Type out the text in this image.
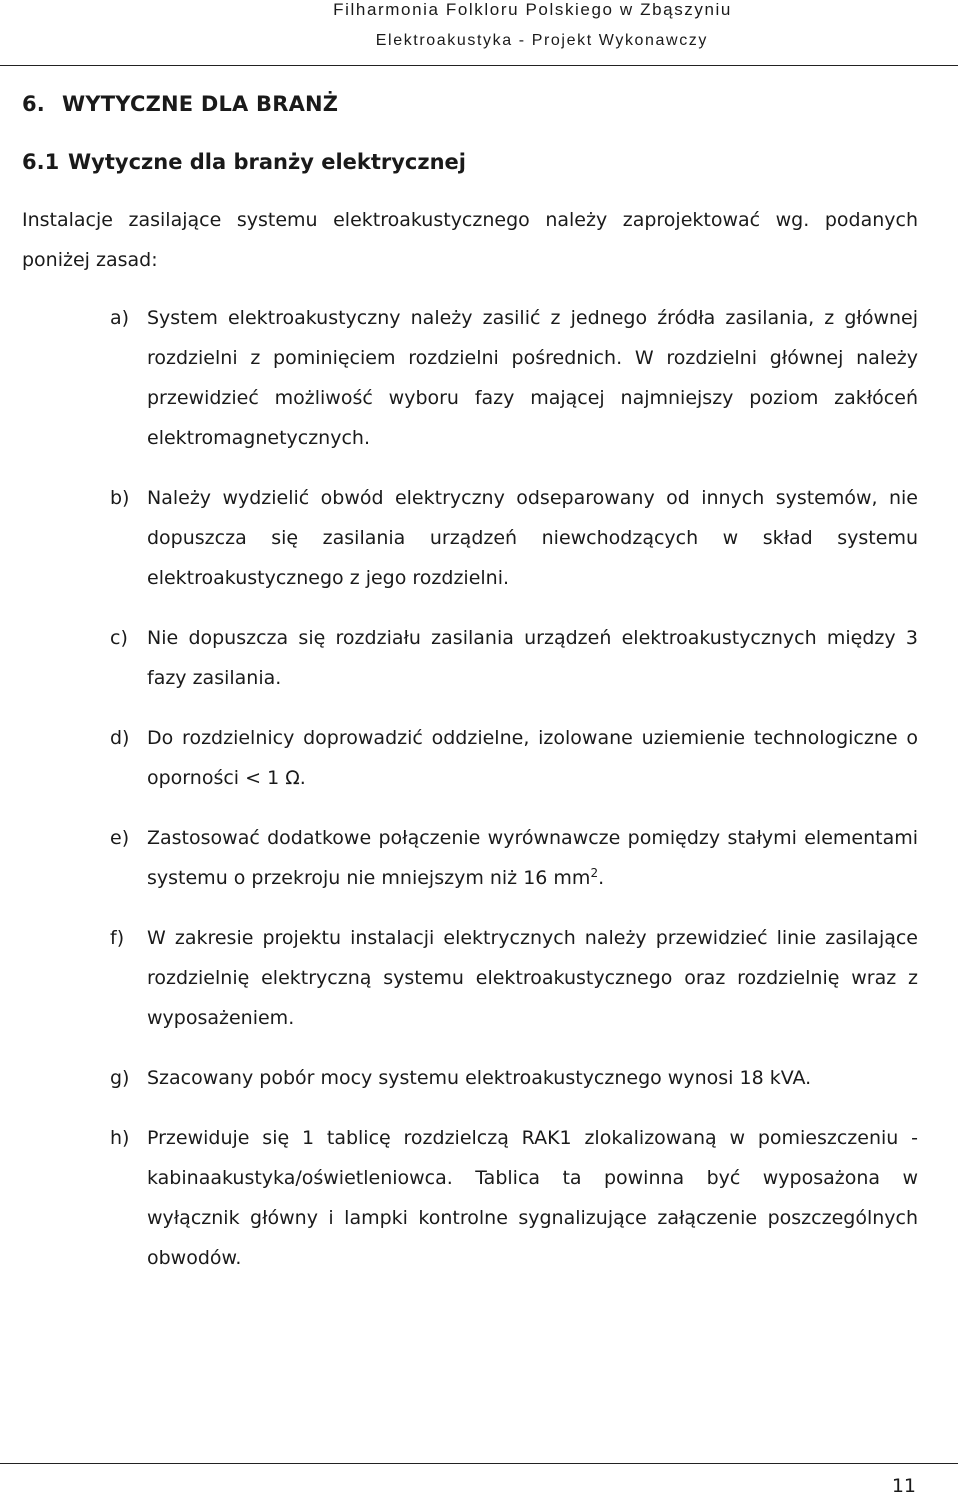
Filharmonia Folkloru Polskiego w Zbąszyniu
Elektroakustyka - Projekt Wykonawczy
6. WYTYCZNE DLA BRANŻ
6.1 Wytyczne dla branży elektrycznej
Instalacje zasilające systemu elektroakustycznego należy zaprojektować wg. podanych poniżej zasad:
a) System elektroakustyczny należy zasilić z jednego źródła zasilania, z głównej rozdzielni z pominięciem rozdzielni pośrednich. W rozdzielni głównej należy przewidzieć możliwość wyboru fazy mającej najmniejszy poziom zakłóceń elektromagnetycznych.
b) Należy wydzielić obwód elektryczny odseparowany od innych systemów, nie dopuszcza się zasilania urządzeń niewchodzących w skład systemu elektroakustycznego z jego rozdzielni.
c) Nie dopuszcza się rozdziału zasilania urządzeń elektroakustycznych między 3 fazy zasilania.
d) Do rozdzielnicy doprowadzić oddzielne, izolowane uziemienie technologiczne o oporności < 1 Ω.
e) Zastosować dodatkowe połączenie wyrównawcze pomiędzy stałymi elementami systemu o przekroju nie mniejszym niż 16 $mm^2$.
f) W zakresie projektu instalacji elektrycznych należy przewidzieć linie zasilające rozdzielnię elektryczną systemu elektroakustycznego oraz rozdzielnię wraz z wyposażeniem.
g) Szacowany pobór mocy systemu elektroakustycznego wynosi 18 kVA.
h) Przewiduje się 1 tablicę rozdzielczą RAK1 zlokalizowaną w pomieszczeniu - kabinaakustyka/oświetleniowca. Tablica ta powinna być wyposażona w wyłącznik główny i lampki kontrolne sygnalizujące załączenie poszczególnych obwodów.
11
